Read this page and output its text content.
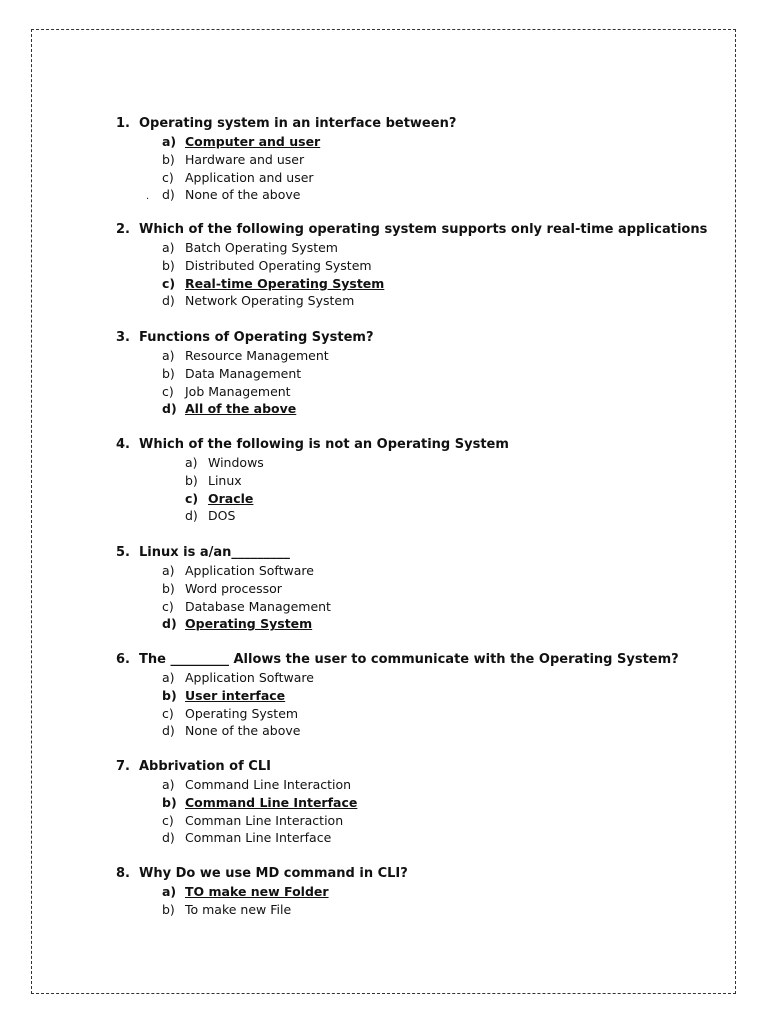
.
1. Operating system in an interface between?
a) Computer and user
b) Hardware and user
c) Application and user
d) None of the above
2. Which of the following operating system supports only real-time applications
a) Batch Operating System
b) Distributed Operating System
c) Real-time Operating System
d) Network Operating System
3. Functions of Operating System?
a) Resource Management
b) Data Management
c) Job Management
d) All of the above
4. Which of the following is not an Operating System
a) Windows
b) Linux
c) Oracle
d) DOS
5. Linux is a/an_________
a) Application Software
b) Word processor
c) Database Management
d) Operating System
6. The _________ Allows the user to communicate with the Operating System?
a) Application Software
b) User interface
c) Operating System
d) None of the above
7. Abbrivation of CLI
a) Command Line Interaction
b) Command Line Interface
c) Comman Line Interaction
d) Comman Line Interface
8. Why Do we use MD command in CLI?
a) TO make new Folder
b) To make new File
